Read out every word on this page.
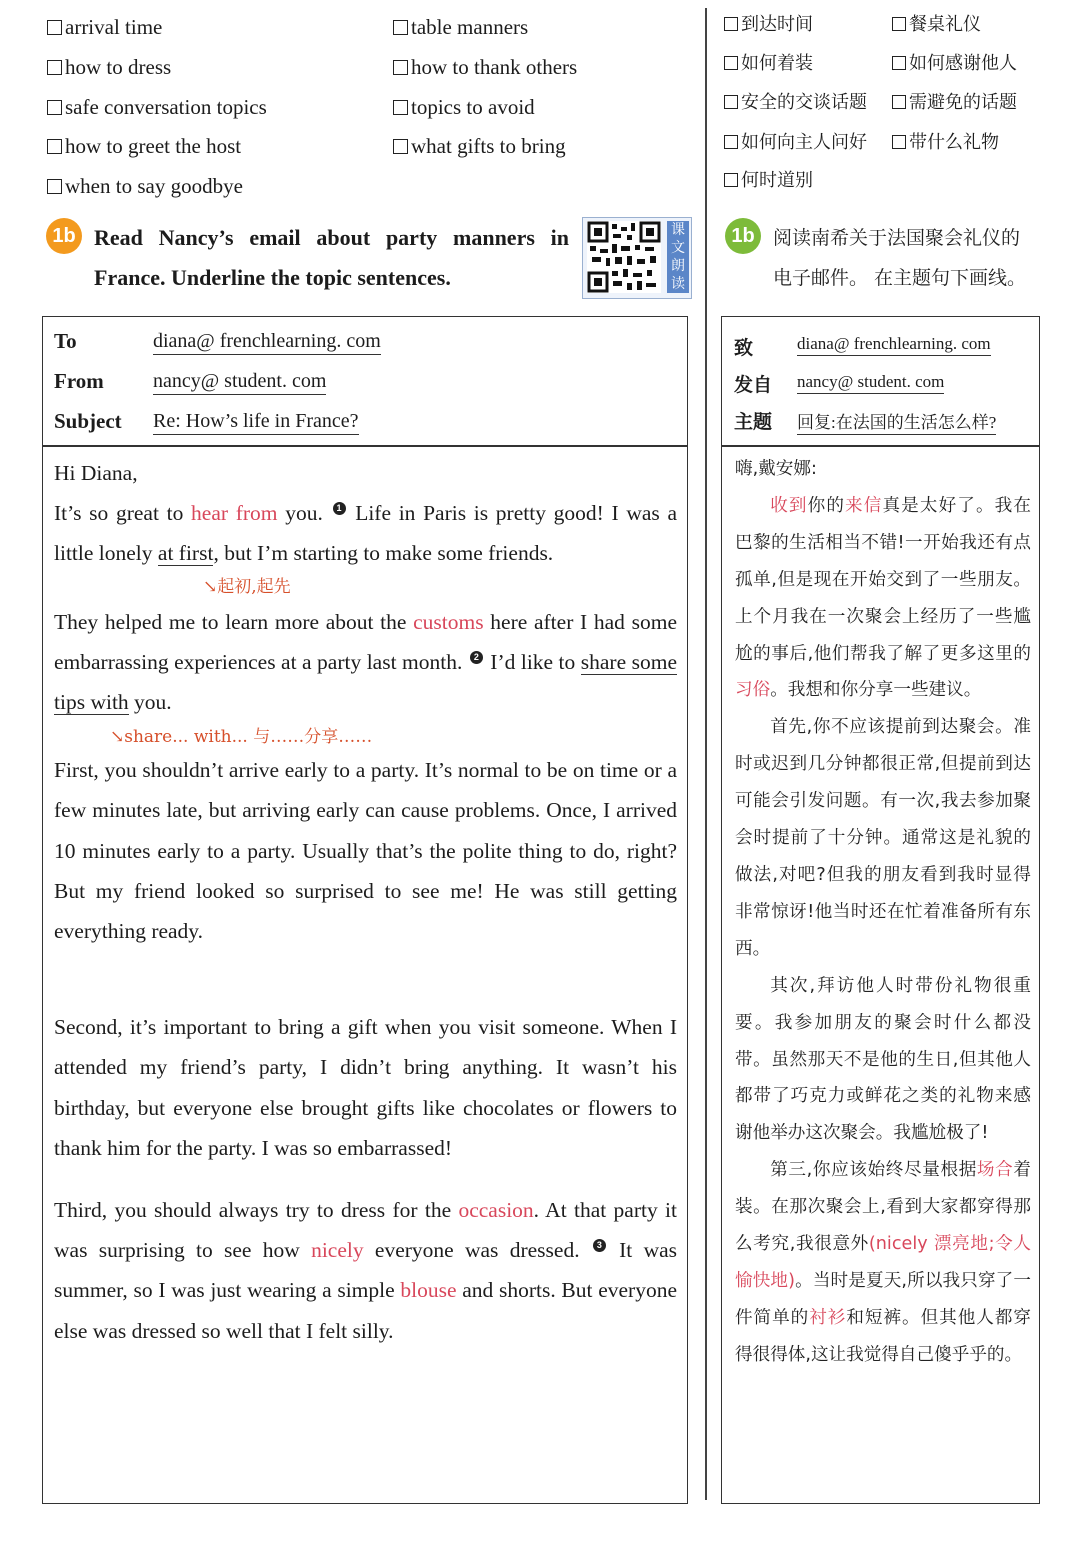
arrival time	table manners
how to dress	how to thank others
safe conversation topics	topics to avoid
how to greet the host	what gifts to bring
when to say goodbye
到达时间	餐桌礼仪
如何着装	如何感谢他人
安全的交谈话题	需避免的话题
如何向主人问好	带什么礼物
何时道别
1b Read Nancy’s email about party manners in
France. Underline the topic sentences.
课文朗读
1b 阅读南希关于法国聚会礼仪的
电子邮件。 在主题句下画线。
To	diana@ frenchlearning. com
From nancy@ student. com
Subject Re: How’s life in France?

Hi Diana,

It’s so great to hear from you. 1 Life in Paris is pretty good! I was a little lonely at first, but I’m starting to make some friends.

They helped me to learn more about the customs here after I had some embarrassing experiences at a party last month. 2 I’d like to share some tips with you.

First, you shouldn’t arrive early to a party. It’s normal to be on time or a few minutes late, but arriving early can cause problems. Once, I arrived 10 minutes early to a party. Usually that’s the polite thing to do, right? But my friend looked so surprised to see me! He was still getting everything ready.

Second, it’s important to bring a gift when you visit someone. When I attended my friend’s party, I didn’t bring anything. It wasn’t his birthday, but everyone else brought gifts like chocolates or flowers to thank him for the party. I was so embarrassed!

Third, you should always try to dress for the occasion. At that party it was surprising to see how nicely everyone was dressed. 3 It was summer, so I was just wearing a simple blouse and shorts. But everyone else was dressed so well that I felt silly.

↘起初,起先
↘share... with... 与……分享……
致	diana@ frenchlearning. com
发自 nancy@ student. com
主题 回复:在法国的生活怎么样?

嗨,戴安娜:

收到你的来信真是太好了。我在巴黎的生活相当不错!一开始我还有点孤单,但是现在开始交到了一些朋友。上个月我在一次聚会上经历了一些尴尬的事后,他们帮我了解了更多这里的习俗。我想和你分享一些建议。

首先,你不应该提前到达聚会。准时或迟到几分钟都很正常,但提前到达可能会引发问题。有一次,我去参加聚会时提前了十分钟。通常这是礼貌的做法,对吧?但我的朋友看到我时显得非常惊讶!他当时还在忙着准备所有东西。

其次,拜访他人时带份礼物很重要。我参加朋友的聚会时什么都没带。虽然那天不是他的生日,但其他人都带了巧克力或鲜花之类的礼物来感谢他举办这次聚会。我尴尬极了!

第三,你应该始终尽量根据场合着装。在那次聚会上,看到大家都穿得那么考究,我很意外(nicely 漂亮地;令人愉快地)。当时是夏天,所以我只穿了一件简单的衬衫和短裤。但其他人都穿得很得体,这让我觉得自己傻乎乎的。
